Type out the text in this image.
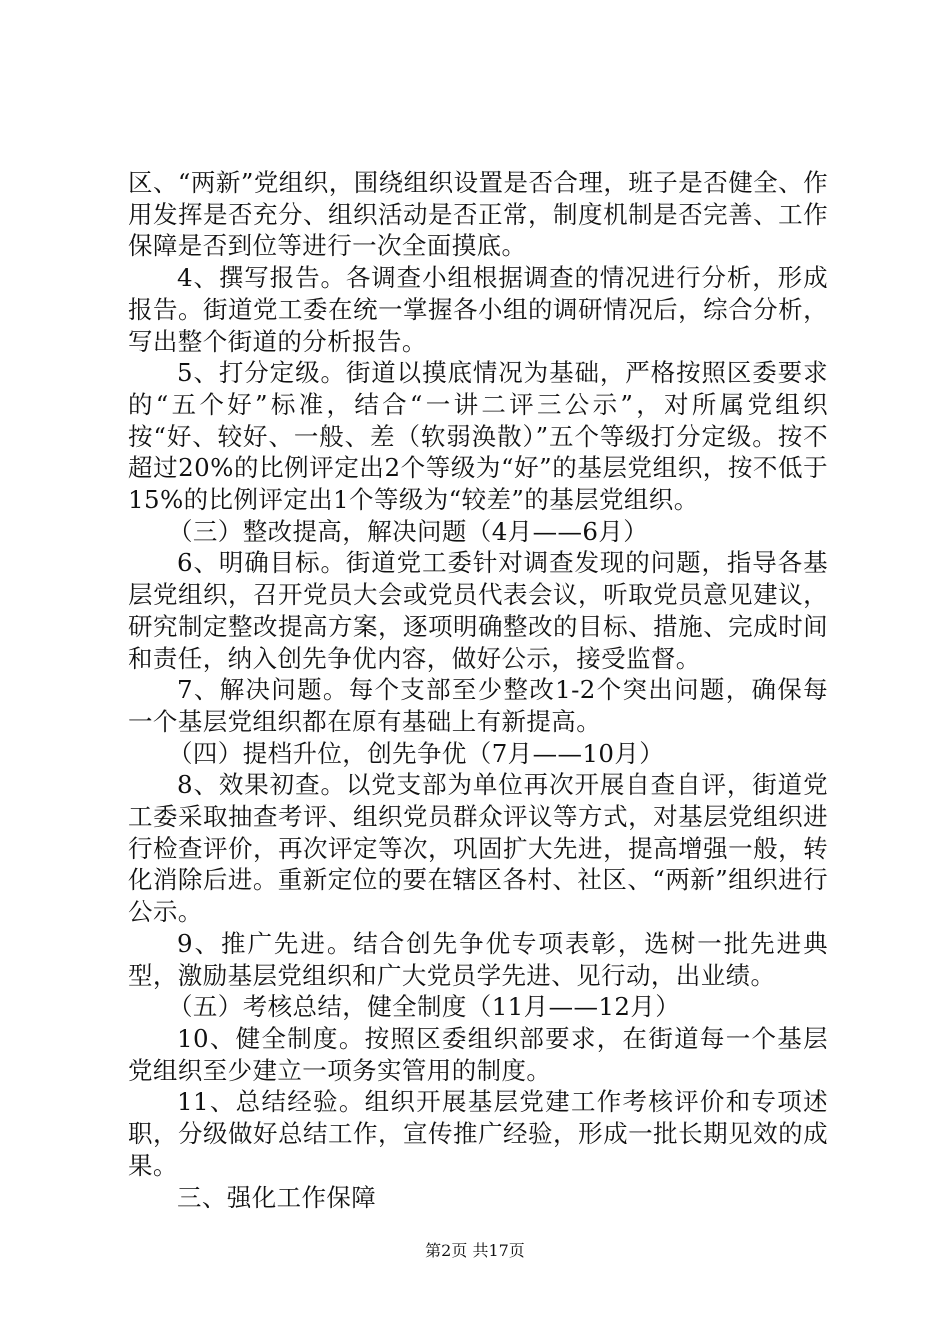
区、“两新”党组织，围绕组织设置是否合理，班子是否健全、作用发挥是否充分、组织活动是否正常，制度机制是否完善、工作保障是否到位等进行一次全面摸底。

4、撰写报告。各调查小组根据调查的情况进行分析，形成报告。街道党工委在统一掌握各小组的调研情况后，综合分析，写出整个街道的分析报告。

5、打分定级。街道以摸底情况为基础，严格按照区委要求的“五个好”标准，结合“一讲二评三公示”，对所属党组织按“好、较好、一般、差（软弱涣散）”五个等级打分定级。按不超过20%的比例评定出2个等级为“好”的基层党组织，按不低于15%的比例评定出1个等级为“较差”的基层党组织。

（三）整改提高，解决问题（4月——6月）

6、明确目标。街道党工委针对调查发现的问题，指导各基层党组织，召开党员大会或党员代表会议，听取党员意见建议，研究制定整改提高方案，逐项明确整改的目标、措施、完成时间和责任，纳入创先争优内容，做好公示，接受监督。

7、解决问题。每个支部至少整改1-2个突出问题，确保每一个基层党组织都在原有基础上有新提高。

（四）提档升位，创先争优（7月——10月）

8、效果初查。以党支部为单位再次开展自查自评，街道党工委采取抽查考评、组织党员群众评议等方式，对基层党组织进行检查评价，再次评定等次，巩固扩大先进，提高增强一般，转化消除后进。重新定位的要在辖区各村、社区、“两新”组织进行公示。

9、推广先进。结合创先争优专项表彰，选树一批先进典型，激励基层党组织和广大党员学先进、见行动，出业绩。

（五）考核总结，健全制度（11月——12月）

10、健全制度。按照区委组织部要求，在街道每一个基层党组织至少建立一项务实管用的制度。

11、总结经验。组织开展基层党建工作考核评价和专项述职，分级做好总结工作，宣传推广经验，形成一批长期见效的成果。

三、强化工作保障

第2页 共17页
